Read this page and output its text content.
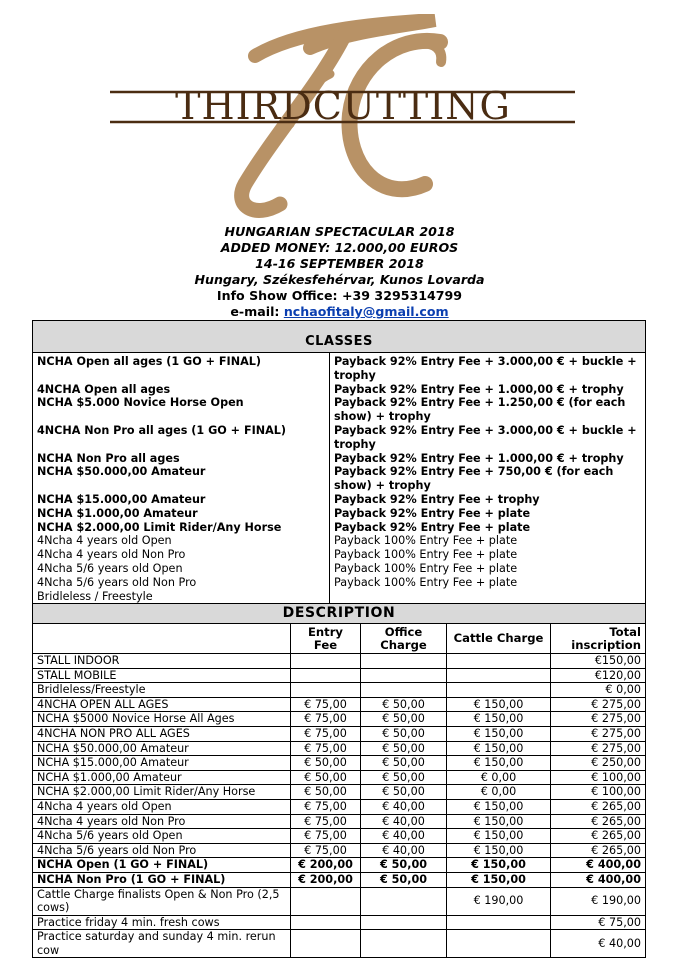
THIRDCUTTING
HUNGARIAN SPECTACULAR 2018
ADDED MONEY: 12.000,00 EUROS
14-16 SEPTEMBER 2018
Hungary, Székesfehérvar, Kunos Lovarda
Info Show Office: +39 3295314799
e-mail: nchaofitaly@gmail.com
CLASSES	
NCHA Open all ages (1 GO + FINAL)	Payback 92% Entry Fee + 3.000,00 € + buckle + trophy
4NCHA Open all ages	Payback 92% Entry Fee + 1.000,00 € + trophy
NCHA $5.000 Novice Horse Open	Payback 92% Entry Fee + 1.250,00 € (for each show) + trophy
4NCHA Non Pro all ages (1 GO + FINAL)	Payback 92% Entry Fee + 3.000,00 € + buckle + trophy
NCHA Non Pro all ages	Payback 92% Entry Fee + 1.000,00 € + trophy
NCHA $50.000,00 Amateur	Payback 92% Entry Fee + 750,00 € (for each show) + trophy
NCHA $15.000,00 Amateur	Payback 92% Entry Fee + trophy
NCHA $1.000,00 Amateur	Payback 92% Entry Fee + plate
NCHA $2.000,00 Limit Rider/Any Horse	Payback 92% Entry Fee + plate
4Ncha 4 years old Open	Payback 100% Entry Fee + plate
4Ncha 4 years old Non Pro	Payback 100% Entry Fee + plate
4Ncha 5/6 years old Open	Payback 100% Entry Fee + plate
4Ncha 5/6 years old Non Pro	Payback 100% Entry Fee + plate
Bridleless / Freestyle	
DESCRIPTION				
	Entry Fee	Office Charge	Cattle Charge	Total inscription
STALL INDOOR				€150,00
STALL MOBILE				€120,00
Bridleless/Freestyle				€ 0,00
4NCHA OPEN ALL AGES	€ 75,00	€ 50,00	€ 150,00	€ 275,00
NCHA $5000 Novice Horse All Ages	€ 75,00	€ 50,00	€ 150,00	€ 275,00
4NCHA NON PRO ALL AGES	€ 75,00	€ 50,00	€ 150,00	€ 275,00
NCHA $50.000,00 Amateur	€ 75,00	€ 50,00	€ 150,00	€ 275,00
NCHA $15.000,00 Amateur	€ 50,00	€ 50,00	€ 150,00	€ 250,00
NCHA $1.000,00 Amateur	€ 50,00	€ 50,00	€ 0,00	€ 100,00
NCHA $2.000,00 Limit Rider/Any Horse	€ 50,00	€ 50,00	€ 0,00	€ 100,00
4Ncha 4 years old Open	€ 75,00	€ 40,00	€ 150,00	€ 265,00
4Ncha 4 years old Non Pro	€ 75,00	€ 40,00	€ 150,00	€ 265,00
4Ncha 5/6 years old Open	€ 75,00	€ 40,00	€ 150,00	€ 265,00
4Ncha 5/6 years old Non Pro	€ 75,00	€ 40,00	€ 150,00	€ 265,00
NCHA Open (1 GO + FINAL)	€ 200,00	€ 50,00	€ 150,00	€ 400,00
NCHA Non Pro (1 GO + FINAL)	€ 200,00	€ 50,00	€ 150,00	€ 400,00
Cattle Charge finalists Open & Non Pro (2,5 cows)			€ 190,00	€ 190,00
Practice friday 4 min. fresh cows				€ 75,00
Practice saturday and sunday 4 min. rerun cow				€ 40,00
